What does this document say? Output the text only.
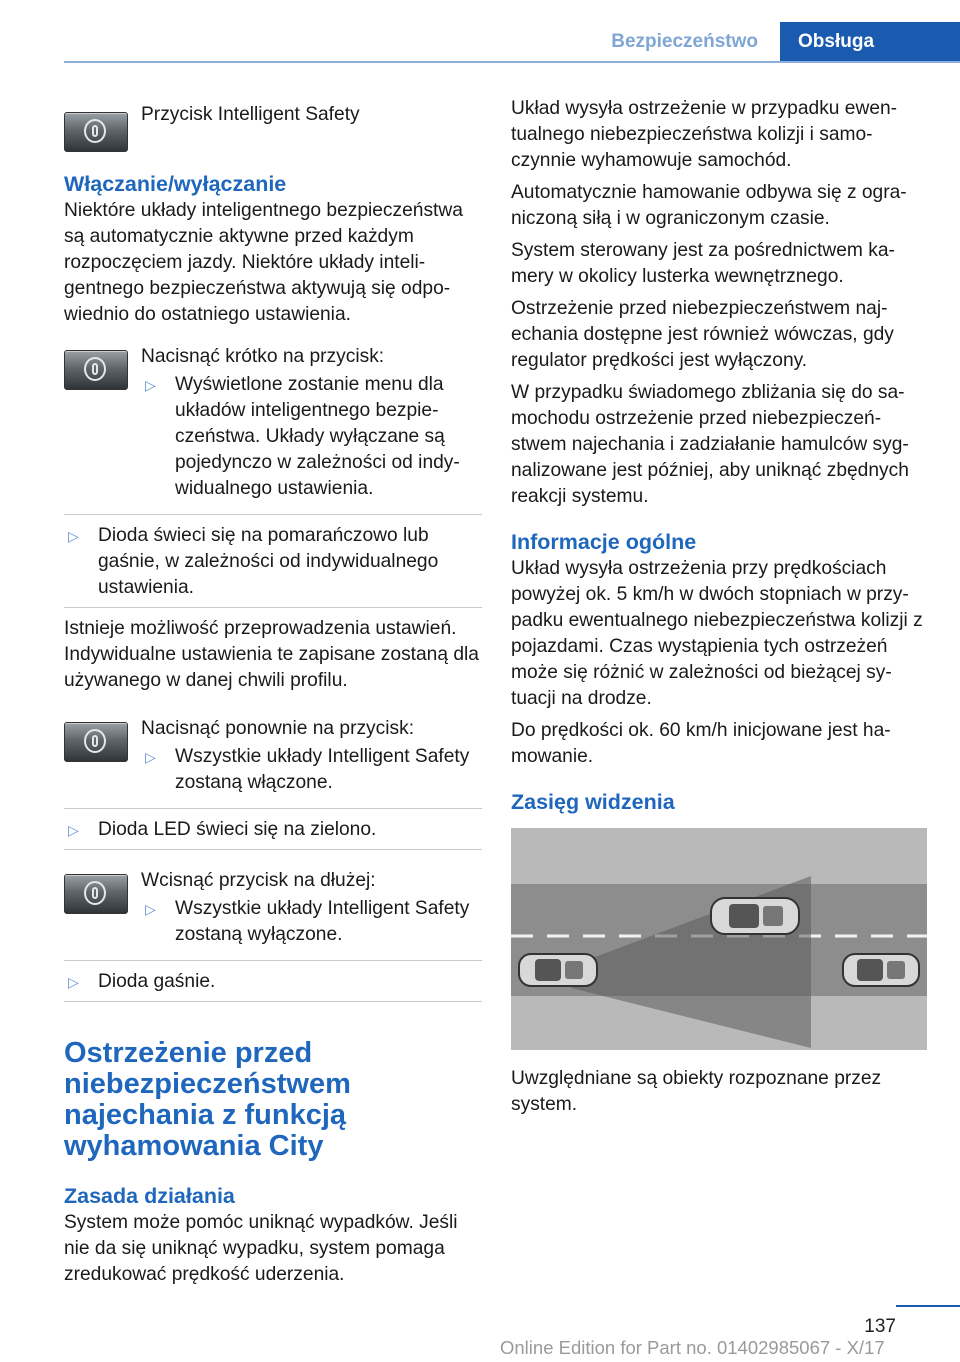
Bezpieczeństwo	Obsługa

Przycisk Intelligent Safety

Włączanie/wyłączanie

Niektóre układy inteligentnego bezpieczeństwa są automatycznie aktywne przed każdym rozpoczęciem jazdy. Niektóre układy inteligentnego bezpieczeństwa aktywują się odpowiednio do ostatniego ustawienia.

Nacisnąć krótko na przycisk:

▷	Wyświetlone zostanie menu dla układów inteligentnego bezpieczeństwa. Układy wyłączane są pojedynczo w zależności od indywidualnego ustawienia.
▷	Dioda świeci się na pomarańczowo lub gaśnie, w zależności od indywidualnego ustawienia.

Istnieje możliwość przeprowadzenia ustawień. Indywidualne ustawienia te zapisane zostaną dla używanego w danej chwili profilu.

Nacisnąć ponownie na przycisk:

▷	Wszystkie układy Intelligent Safety zostaną włączone.
▷	Dioda LED świeci się na zielono.

Wcisnąć przycisk na dłużej:

▷	Wszystkie układy Intelligent Safety zostaną wyłączone.
▷	Dioda gaśnie.
Ostrzeżenie przed niebezpieczeństwem najechania z funkcją wyhamowania City
Zasada działania

System może pomóc uniknąć wypadków. Jeśli nie da się uniknąć wypadku, system pomaga zredukować prędkość uderzenia.

Układ wysyła ostrzeżenie w przypadku ewentualnego niebezpieczeństwa kolizji i samoczynnie wyhamowuje samochód.

Automatycznie hamowanie odbywa się z ograniczoną siłą i w ograniczonym czasie.

System sterowany jest za pośrednictwem kamery w okolicy lusterka wewnętrznego.

Ostrzeżenie przed niebezpieczeństwem najechania dostępne jest również wówczas, gdy regulator prędkości jest wyłączony.

W przypadku świadomego zbliżania się do samochodu ostrzeżenie przed niebezpieczeństwem najechania i zadziałanie hamulców sygnalizowane jest później, aby uniknąć zbędnych reakcji systemu.

Informacje ogólne

Układ wysyła ostrzeżenia przy prędkościach powyżej ok. 5 km/h w dwóch stopniach w przypadku ewentualnego niebezpieczeństwa kolizji z pojazdami. Czas wystąpienia tych ostrzeżeń może się różnić w zależności od bieżącej sytuacji na drodze.

Do prędkości ok. 60 km/h inicjowane jest hamowanie.

Zasięg widzenia

Uwzględniane są obiekty rozpoznane przez system.

137
Online Edition for Part no. 01402985067 - X/17
